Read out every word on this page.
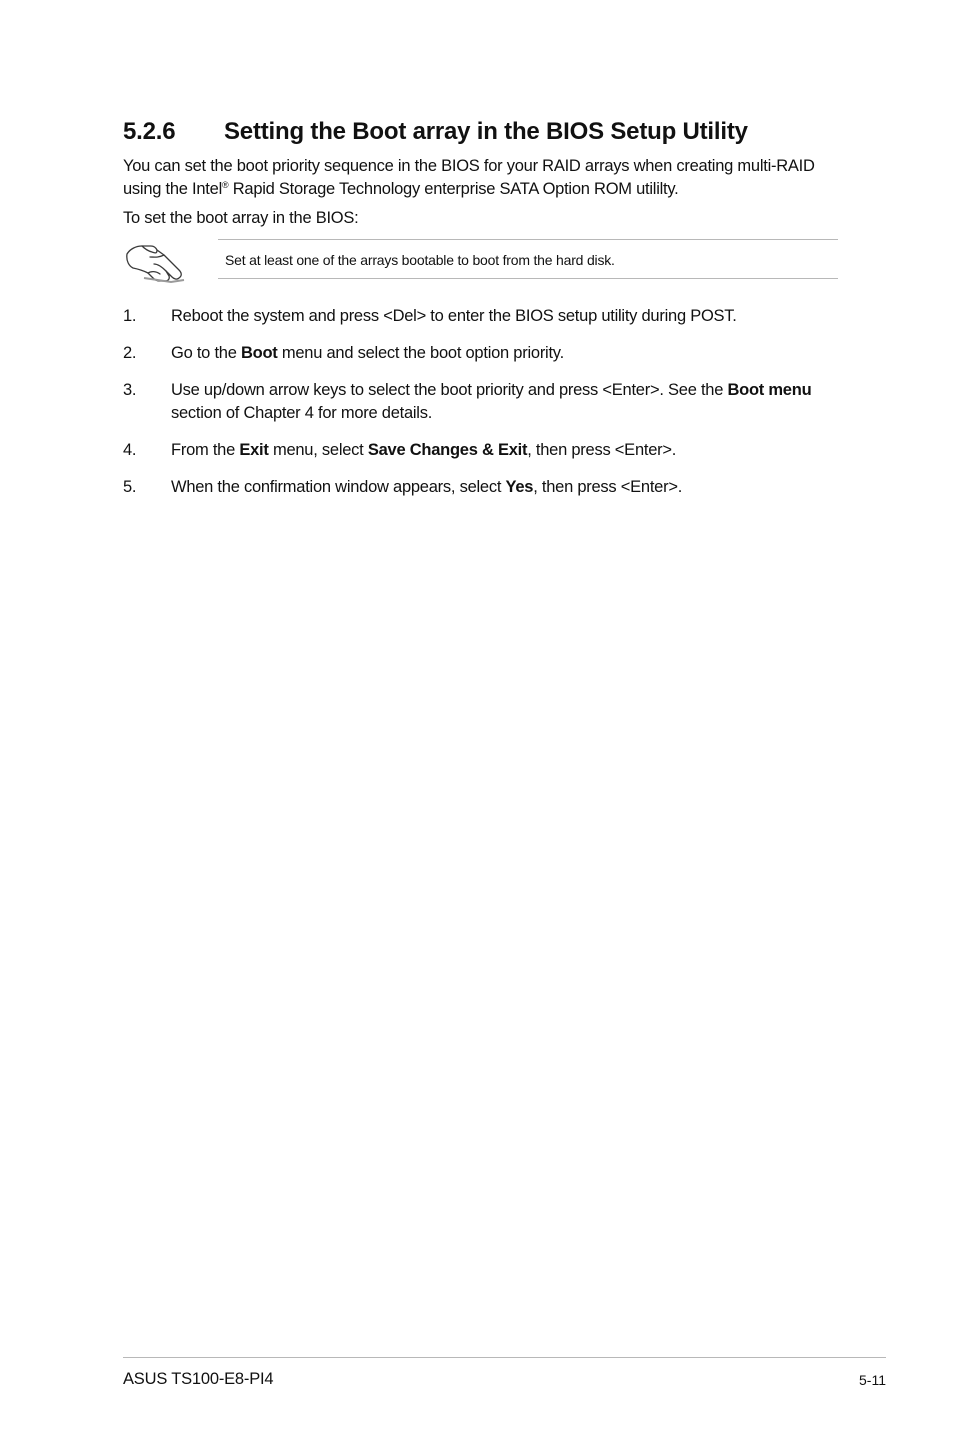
5.2.6 Setting the Boot array in the BIOS Setup Utility

You can set the boot priority sequence in the BIOS for your RAID arrays when creating multi-RAID using the Intel® Rapid Storage Technology enterprise SATA Option ROM utililty.

To set the boot array in the BIOS:

Set at least one of the arrays bootable to boot from the hard disk.
1. Reboot the system and press <Del> to enter the BIOS setup utility during POST.
2. Go to the Boot menu and select the boot option priority.
3. Use up/down arrow keys to select the boot priority and press <Enter>. See the Boot menu section of Chapter 4 for more details.
4. From the Exit menu, select Save Changes & Exit, then press <Enter>.
5. When the confirmation window appears, select Yes, then press <Enter>.
ASUS TS100-E8-PI4	5-11
